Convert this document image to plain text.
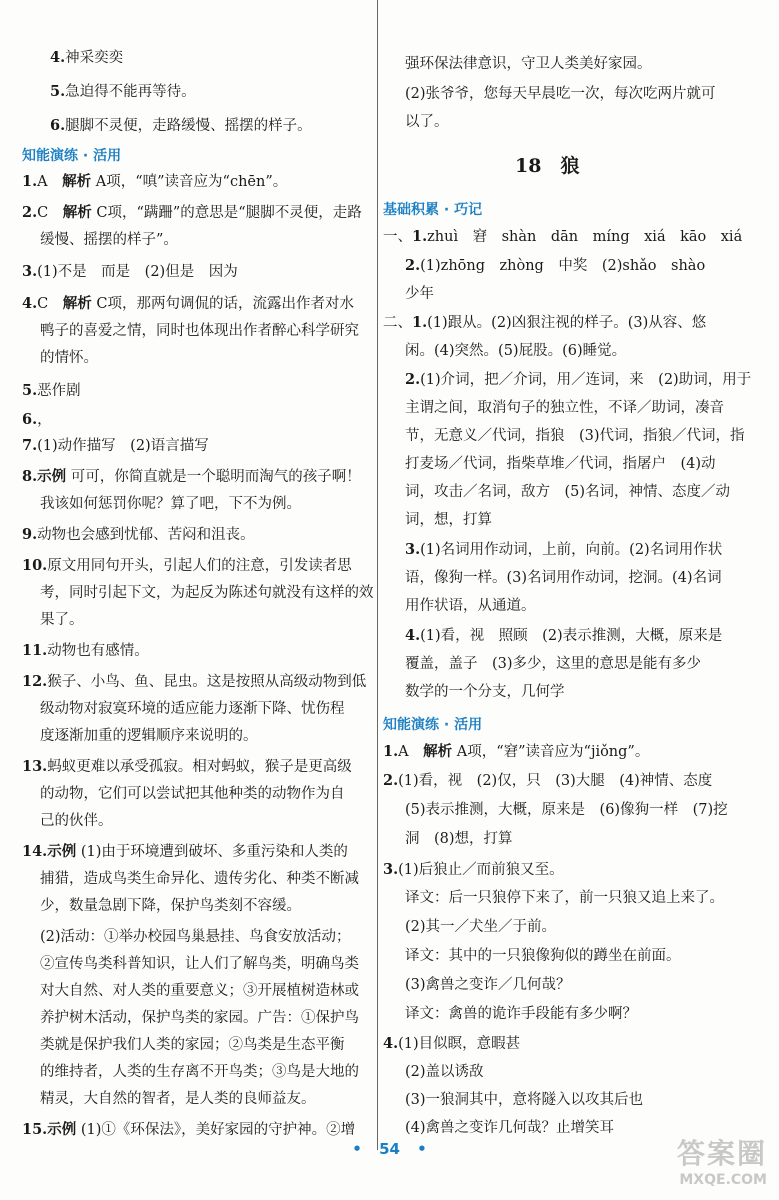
4.神采奕奕
5.急迫得不能再等待。
6.腿脚不灵便，走路缓慢、摇摆的样子。
知能演练 · 活用
1.A　解析 A项，“嗔”读音应为“chēn”。
2.C　解析 C项，“蹒跚”的意思是“腿脚不灵便，走路
缓慢、摇摆的样子”。
3.(1)不是　而是　(2)但是　因为
4.C　解析 C项，那两句调侃的话，流露出作者对水
鸭子的喜爱之情，同时也体现出作者醉心科学研究
的情怀。
5.恶作剧
6.，
7.(1)动作描写　(2)语言描写
8.示例 可可，你简直就是一个聪明而淘气的孩子啊！
我该如何惩罚你呢？算了吧，下不为例。
9.动物也会感到忧郁、苦闷和沮丧。
10.原文用同句开头，引起人们的注意，引发读者思
考，同时引起下文，为起反为陈述句就没有这样的效
果了。
11.动物也有感情。
12.猴子、小鸟、鱼、昆虫。这是按照从高级动物到低
级动物对寂寞环境的适应能力逐渐下降、忧伤程
度逐渐加重的逻辑顺序来说明的。
13.蚂蚁更难以承受孤寂。相对蚂蚁，猴子是更高级
的动物，它们可以尝试把其他种类的动物作为自
己的伙伴。
14.示例 (1)由于环境遭到破坏、多重污染和人类的
捕猎，造成鸟类生命异化、遗传劣化、种类不断减
少，数量急剧下降，保护鸟类刻不容缓。
(2)活动：①举办校园鸟巢悬挂、鸟食安放活动；
②宣传鸟类科普知识，让人们了解鸟类，明确鸟类
对大自然、对人类的重要意义；③开展植树造林或
养护树木活动，保护鸟类的家园。广告：①保护鸟
类就是保护我们人类的家园；②鸟类是生态平衡
的维持者，人类的生存离不开鸟类；③鸟是大地的
精灵，大自然的智者，是人类的良师益友。
15.示例 (1)①《环保法》，美好家园的守护神。②增
强环保法律意识，守卫人类美好家园。
(2)张爷爷，您每天早晨吃一次，每次吃两片就可
以了。
18　狼
基础积累 · 巧记
一、1.zhuì　窘　shàn　dān　míng　xiá　kāo　xiá
2.(1)zhōng　zhòng　中奖　(2)shǎo　shào
少年
二、1.(1)跟从。(2)凶狠注视的样子。(3)从容、悠
闲。(4)突然。(5)屁股。(6)睡觉。
2.(1)介词，把／介词，用／连词，来　(2)助词，用于
主谓之间，取消句子的独立性，不译／助词，凑音
节，无意义／代词，指狼　(3)代词，指狼／代词，指
打麦场／代词，指柴草堆／代词，指屠户　(4)动
词，攻击／名词，敌方　(5)名词，神情、态度／动
词，想，打算
3.(1)名词用作动词，上前，向前。(2)名词用作状
语，像狗一样。(3)名词用作动词，挖洞。(4)名词
用作状语，从通道。
4.(1)看，视　照顾　(2)表示推测，大概，原来是
覆盖，盖子　(3)多少，这里的意思是能有多少
数学的一个分支，几何学
知能演练 · 活用
1.A　解析 A项，“窘”读音应为“jiǒng”。
2.(1)看，视　(2)仅，只　(3)大腿　(4)神情、态度
(5)表示推测，大概，原来是　(6)像狗一样　(7)挖
洞　(8)想，打算
3.(1)后狼止／而前狼又至。
译文：后一只狼停下来了，前一只狼又追上来了。
(2)其一／犬坐／于前。
译文：其中的一只狼像狗似的蹲坐在前面。
(3)禽兽之变诈／几何哉？
译文：禽兽的诡诈手段能有多少啊？
4.(1)目似瞑，意暇甚
(2)盖以诱敌
(3)一狼洞其中，意将隧入以攻其后也
(4)禽兽之变诈几何哉？止增笑耳
• 54 •	答案圈
MXQE.COM
